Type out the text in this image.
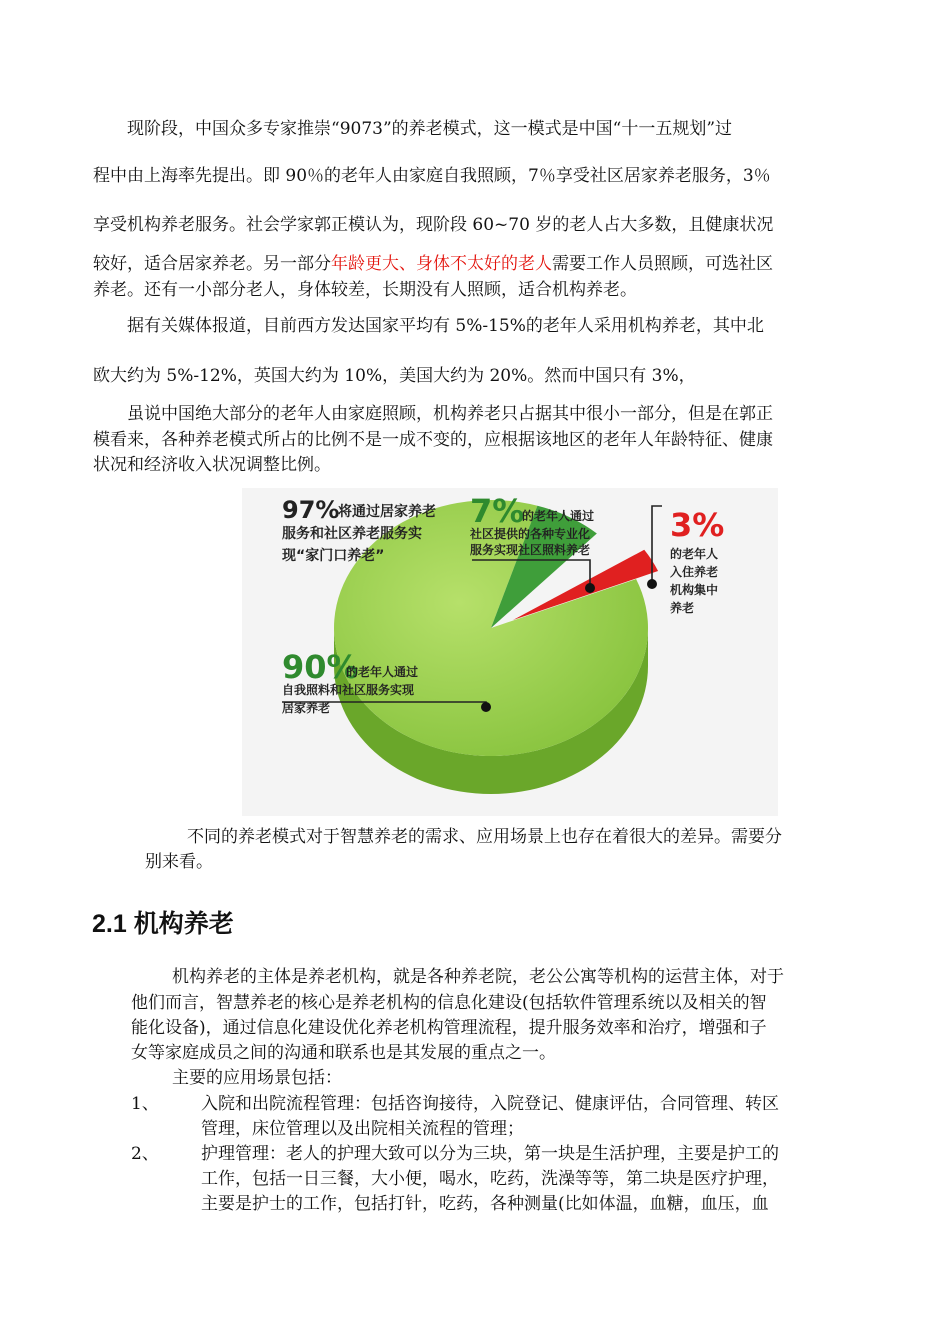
现阶段，中国众多专家推崇“9073”的养老模式，这一模式是中国“十一五规划”过
程中由上海率先提出。即 90％的老年人由家庭自我照顾，7％享受社区居家养老服务，3％
享受机构养老服务。社会学家郭正模认为，现阶段 60~70 岁的老人占大多数，且健康状况
较好，适合居家养老。另一部分年龄更大、身体不太好的老人需要工作人员照顾，可选社区
养老。还有一小部分老人，身体较差，长期没有人照顾，适合机构养老。
据有关媒体报道，目前西方发达国家平均有 5%-15%的老年人采用机构养老，其中北
欧大约为 5%-12%，英国大约为 10%，美国大约为 20%。然而中国只有 3%，
虽说中国绝大部分的老年人由家庭照顾，机构养老只占据其中很小一部分，但是在郭正
模看来，各种养老模式所占的比例不是一成不变的，应根据该地区的老年人年龄特征、健康
状况和经济收入状况调整比例。
97%
将通过居家养老
服务和社区养老服务实
现“家门口养老”
7%
的老年人通过
社区提供的各种专业化
服务实现社区照料养老
3%
的老年人
入住养老
机构集中
养老
90%
的老年人通过
自我照料和社区服务实现
居家养老
不同的养老模式对于智慧养老的需求、应用场景上也存在着很大的差异。需要分
别来看。
2.1 机构养老
机构养老的主体是养老机构，就是各种养老院，老公公寓等机构的运营主体，对于
他们而言，智慧养老的核心是养老机构的信息化建设(包括软件管理系统以及相关的智
能化设备)，通过信息化建设优化养老机构管理流程，提升服务效率和治疗，增强和子
女等家庭成员之间的沟通和联系也是其发展的重点之一。
主要的应用场景包括：
1、 入院和出院流程管理：包括咨询接待，入院登记、健康评估，合同管理、转区
管理，床位管理以及出院相关流程的管理；
2、 护理管理：老人的护理大致可以分为三块，第一块是生活护理，主要是护工的
工作，包括一日三餐，大小便，喝水，吃药，洗澡等等，第二块是医疗护理，
主要是护士的工作，包括打针，吃药，各种测量(比如体温，血糖，血压，血
